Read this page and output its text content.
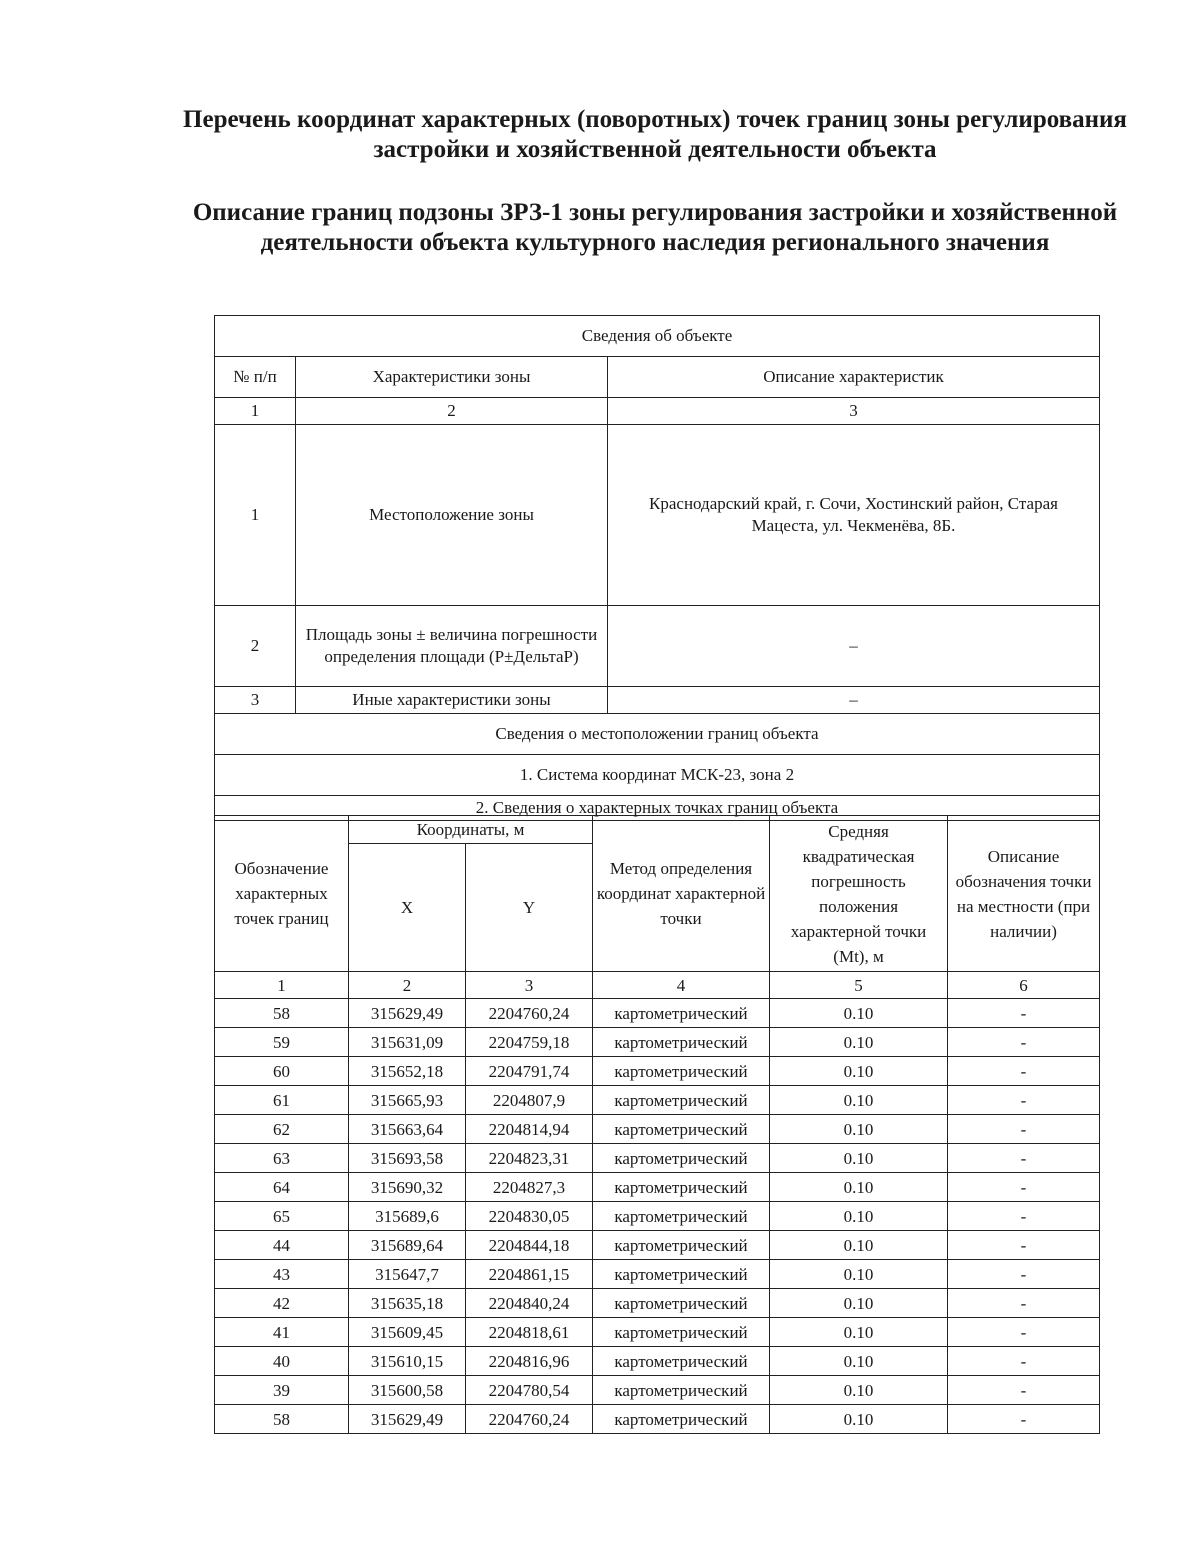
Перечень координат характерных (поворотных) точек границ зоны регулирования застройки и хозяйственной деятельности объекта
Описание границ подзоны ЗРЗ-1 зоны регулирования застройки и хозяйственной деятельности объекта культурного наследия регионального значения
Сведения об объекте		
№ п/п	Характеристики зоны	Описание характеристик
1	2	3
1	Местоположение зоны	Краснодарский край, г. Сочи, Хостинский район, Старая Мацеста, ул. Чекменёва, 8Б.
2	Площадь зоны ± величина погрешности определения площади (Р±ДельтаР)	–
3	Иные характеристики зоны	–
Сведения о местоположении границ объекта		
1. Система координат МСК-23, зона 2		
2. Сведения о характерных точках границ объекта		
Обозначение характерных точек границ	Координаты, м		Метод определения координат характерной точки	Средняя квадратическая погрешность положения характерной точки (Mt), м	Описание обозначения точки на местности (при наличии)
	X	Y			
1	2	3	4	5	6
58	315629,49	2204760,24	картометрический	0.10	-
59	315631,09	2204759,18	картометрический	0.10	-
60	315652,18	2204791,74	картометрический	0.10	-
61	315665,93	2204807,9	картометрический	0.10	-
62	315663,64	2204814,94	картометрический	0.10	-
63	315693,58	2204823,31	картометрический	0.10	-
64	315690,32	2204827,3	картометрический	0.10	-
65	315689,6	2204830,05	картометрический	0.10	-
44	315689,64	2204844,18	картометрический	0.10	-
43	315647,7	2204861,15	картометрический	0.10	-
42	315635,18	2204840,24	картометрический	0.10	-
41	315609,45	2204818,61	картометрический	0.10	-
40	315610,15	2204816,96	картометрический	0.10	-
39	315600,58	2204780,54	картометрический	0.10	-
58	315629,49	2204760,24	картометрический	0.10	-
